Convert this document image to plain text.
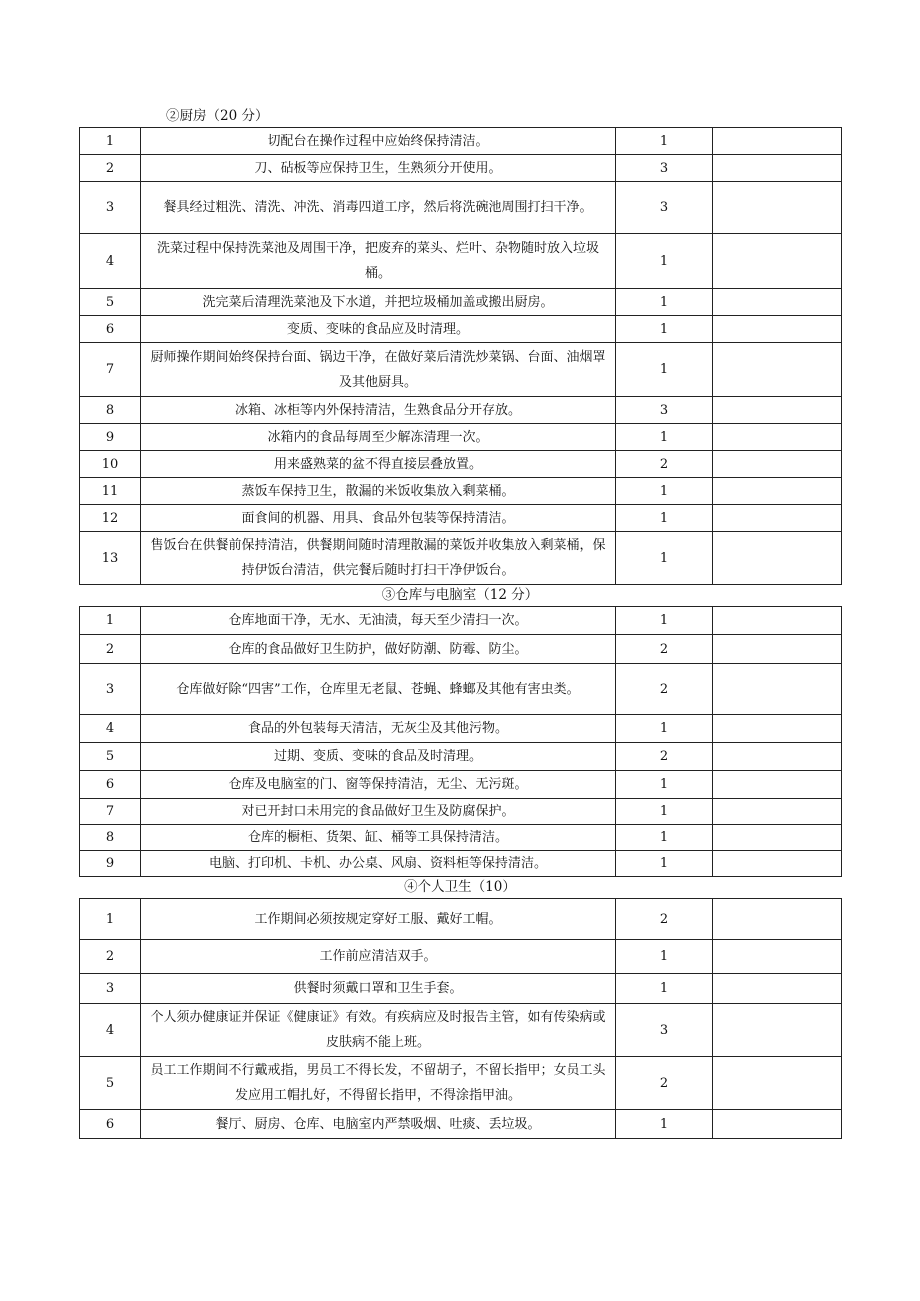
②厨房（20 分）
1	切配台在操作过程中应始终保持清洁。	1	
2	刀、砧板等应保持卫生，生熟须分开使用。	3	
3	餐具经过粗洗、清洗、冲洗、消毒四道工序，然后将洗碗池周围打扫干净。	3	
4	洗菜过程中保持洗菜池及周围干净，把废弃的菜头、烂叶、杂物随时放入垃圾桶。	1	
5	洗完菜后清理洗菜池及下水道，并把垃圾桶加盖或搬出厨房。	1	
6	变质、变味的食品应及时清理。	1	
7	厨师操作期间始终保持台面、锅边干净，在做好菜后清洗炒菜锅、台面、油烟罩及其他厨具。	1	
8	冰箱、冰柜等内外保持清洁，生熟食品分开存放。	3	
9	冰箱内的食品每周至少解冻清理一次。	1	
10	用来盛熟菜的盆不得直接层叠放置。	2	
11	蒸饭车保持卫生，散漏的米饭收集放入剩菜桶。	1	
12	面食间的机器、用具、食品外包装等保持清洁。	1	
13	售饭台在供餐前保持清洁，供餐期间随时清理散漏的菜饭并收集放入剩菜桶，保持伊饭台清洁，供完餐后随时打扫干净伊饭台。	1	
③仓库与电脑室（12 分）
1	仓库地面干净，无水、无油渍，每天至少清扫一次。	1	
2	仓库的食品做好卫生防护，做好防潮、防霉、防尘。	2	
3	仓库做好除“四害”工作，仓库里无老鼠、苍蝇、蜂螂及其他有害虫类。	2	
4	食品的外包装每天清洁，无灰尘及其他污物。	1	
5	过期、变质、变味的食品及时清理。	2	
6	仓库及电脑室的门、窗等保持清洁，无尘、无污斑。	1	
7	对已开封口未用完的食品做好卫生及防腐保护。	1	
8	仓库的橱柜、货架、缸、桶等工具保持清洁。	1	
9	电脑、打印机、卡机、办公桌、风扇、资料柜等保持清洁。	1	
④个人卫生（10）
1	工作期间必须按规定穿好工服、戴好工帽。	2	
2	工作前应清洁双手。	1	
3	供餐时须戴口罩和卫生手套。	1	
4	个人须办健康证并保证《健康证》有效。有疾病应及时报告主管，如有传染病或皮肤病不能上班。	3	
5	员工工作期间不行戴戒指，男员工不得长发，不留胡子，不留长指甲；女员工头发应用工帽扎好，不得留长指甲，不得涂指甲油。	2	
6	餐厅、厨房、仓库、电脑室内严禁吸烟、吐痰、丢垃圾。	1	
